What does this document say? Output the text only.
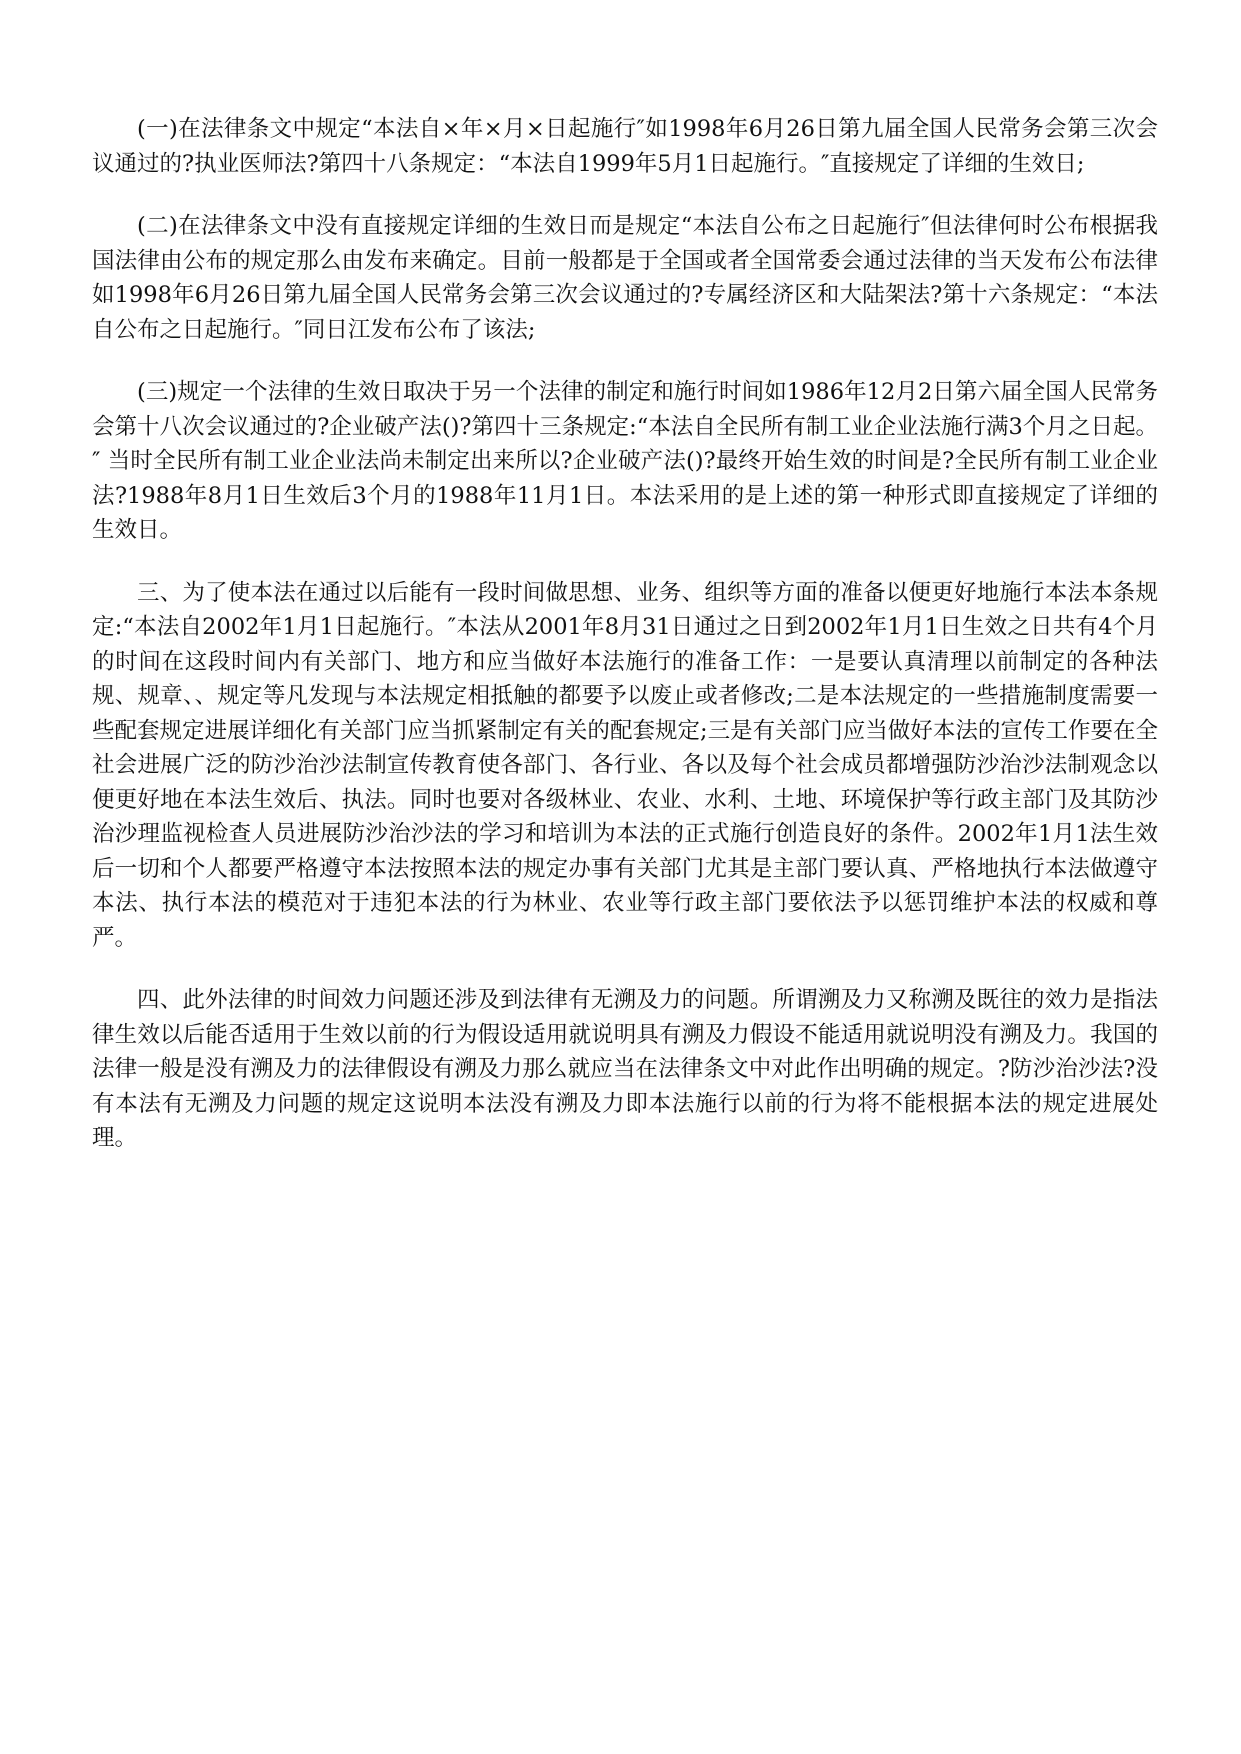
(一)在法律条文中规定“本法自×年×月×日起施行″如1998年6月26日第九届全国人民常务会第三次会议通过的?执业医师法?第四十八条规定：“本法自1999年5月1日起施行。″直接规定了详细的生效日;

(二)在法律条文中没有直接规定详细的生效日而是规定“本法自公布之日起施行″但法律何时公布根据我国法律由公布的规定那么由发布来确定。目前一般都是于全国或者全国常委会通过法律的当天发布公布法律如1998年6月26日第九届全国人民常务会第三次会议通过的?专属经济区和大陆架法?第十六条规定：“本法自公布之日起施行。″同日江发布公布了该法;

(三)规定一个法律的生效日取决于另一个法律的制定和施行时间如1986年12月2日第六届全国人民常务会第十八次会议通过的?企业破产法()?第四十三条规定:“本法自全民所有制工业企业法施行满3个月之日起。″ 当时全民所有制工业企业法尚未制定出来所以?企业破产法()?最终开始生效的时间是?全民所有制工业企业法?1988年8月1日生效后3个月的1988年11月1日。本法采用的是上述的第一种形式即直接规定了详细的生效日。

三、为了使本法在通过以后能有一段时间做思想、业务、组织等方面的准备以便更好地施行本法本条规定:“本法自2002年1月1日起施行。″本法从2001年8月31日通过之日到2002年1月1日生效之日共有4个月的时间在这段时间内有关部门、地方和应当做好本法施行的准备工作：一是要认真清理以前制定的各种法规、规章、、规定等凡发现与本法规定相抵触的都要予以废止或者修改;二是本法规定的一些措施制度需要一些配套规定进展详细化有关部门应当抓紧制定有关的配套规定;三是有关部门应当做好本法的宣传工作要在全社会进展广泛的防沙治沙法制宣传教育使各部门、各行业、各以及每个社会成员都增强防沙治沙法制观念以便更好地在本法生效后、执法。同时也要对各级林业、农业、水利、土地、环境保护等行政主部门及其防沙治沙理监视检查人员进展防沙治沙法的学习和培训为本法的正式施行创造良好的条件。2002年1月1法生效后一切和个人都要严格遵守本法按照本法的规定办事有关部门尤其是主部门要认真、严格地执行本法做遵守本法、执行本法的模范对于违犯本法的行为林业、农业等行政主部门要依法予以惩罚维护本法的权威和尊严。

四、此外法律的时间效力问题还涉及到法律有无溯及力的问题。所谓溯及力又称溯及既往的效力是指法律生效以后能否适用于生效以前的行为假设适用就说明具有溯及力假设不能适用就说明没有溯及力。我国的法律一般是没有溯及力的法律假设有溯及力那么就应当在法律条文中对此作出明确的规定。?防沙治沙法?没有本法有无溯及力问题的规定这说明本法没有溯及力即本法施行以前的行为将不能根据本法的规定进展处理。
